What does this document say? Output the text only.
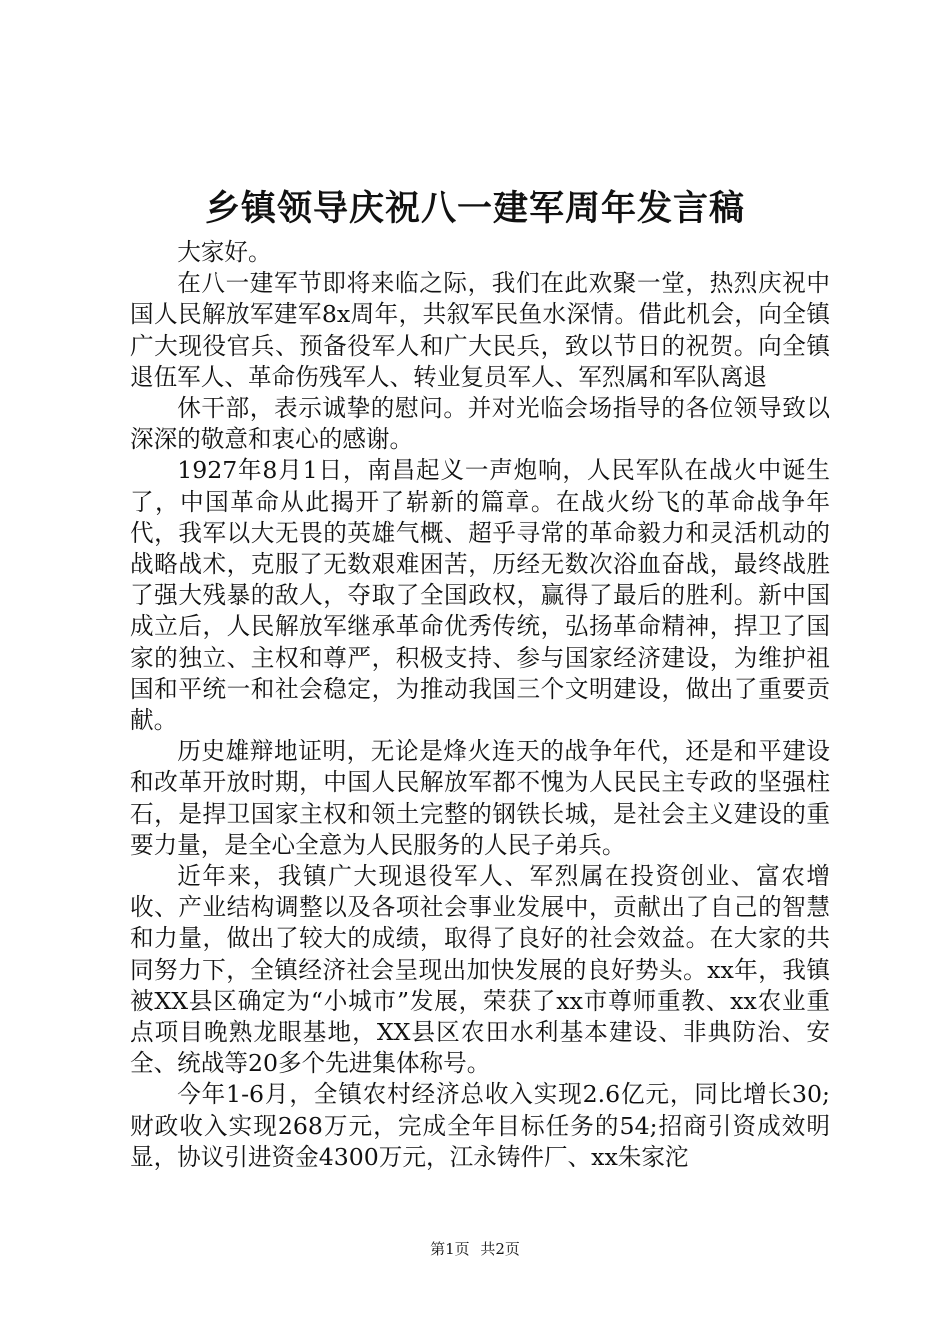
乡镇领导庆祝八一建军周年发言稿

大家好。

在八一建军节即将来临之际，我们在此欢聚一堂，热烈庆祝中国人民解放军建军8x周年，共叙军民鱼水深情。借此机会，向全镇广大现役官兵、预备役军人和广大民兵，致以节日的祝贺。向全镇退伍军人、革命伤残军人、转业复员军人、军烈属和军队离退

休干部，表示诚挚的慰问。并对光临会场指导的各位领导致以深深的敬意和衷心的感谢。

1927年8月1日，南昌起义一声炮响，人民军队在战火中诞生了，中国革命从此揭开了崭新的篇章。在战火纷飞的革命战争年代，我军以大无畏的英雄气概、超乎寻常的革命毅力和灵活机动的战略战术，克服了无数艰难困苦，历经无数次浴血奋战，最终战胜了强大残暴的敌人，夺取了全国政权，赢得了最后的胜利。新中国成立后，人民解放军继承革命优秀传统，弘扬革命精神，捍卫了国家的独立、主权和尊严，积极支持、参与国家经济建设，为维护祖国和平统一和社会稳定，为推动我国三个文明建设，做出了重要贡献。

历史雄辩地证明，无论是烽火连天的战争年代，还是和平建设和改革开放时期，中国人民解放军都不愧为人民民主专政的坚强柱石，是捍卫国家主权和领土完整的钢铁长城，是社会主义建设的重要力量，是全心全意为人民服务的人民子弟兵。

近年来，我镇广大现退役军人、军烈属在投资创业、富农增收、产业结构调整以及各项社会事业发展中，贡献出了自己的智慧和力量，做出了较大的成绩，取得了良好的社会效益。在大家的共同努力下，全镇经济社会呈现出加快发展的良好势头。xx年，我镇被XX县区确定为“小城市”发展，荣获了xx市尊师重教、xx农业重点项目晚熟龙眼基地，XX县区农田水利基本建设、非典防治、安全、统战等20多个先进集体称号。

今年1-6月，全镇农村经济总收入实现2.6亿元，同比增长30;财政收入实现268万元，完成全年目标任务的54;招商引资成效明显，协议引进资金4300万元，江永铸件厂、xx朱家沱

第1页 共2页
